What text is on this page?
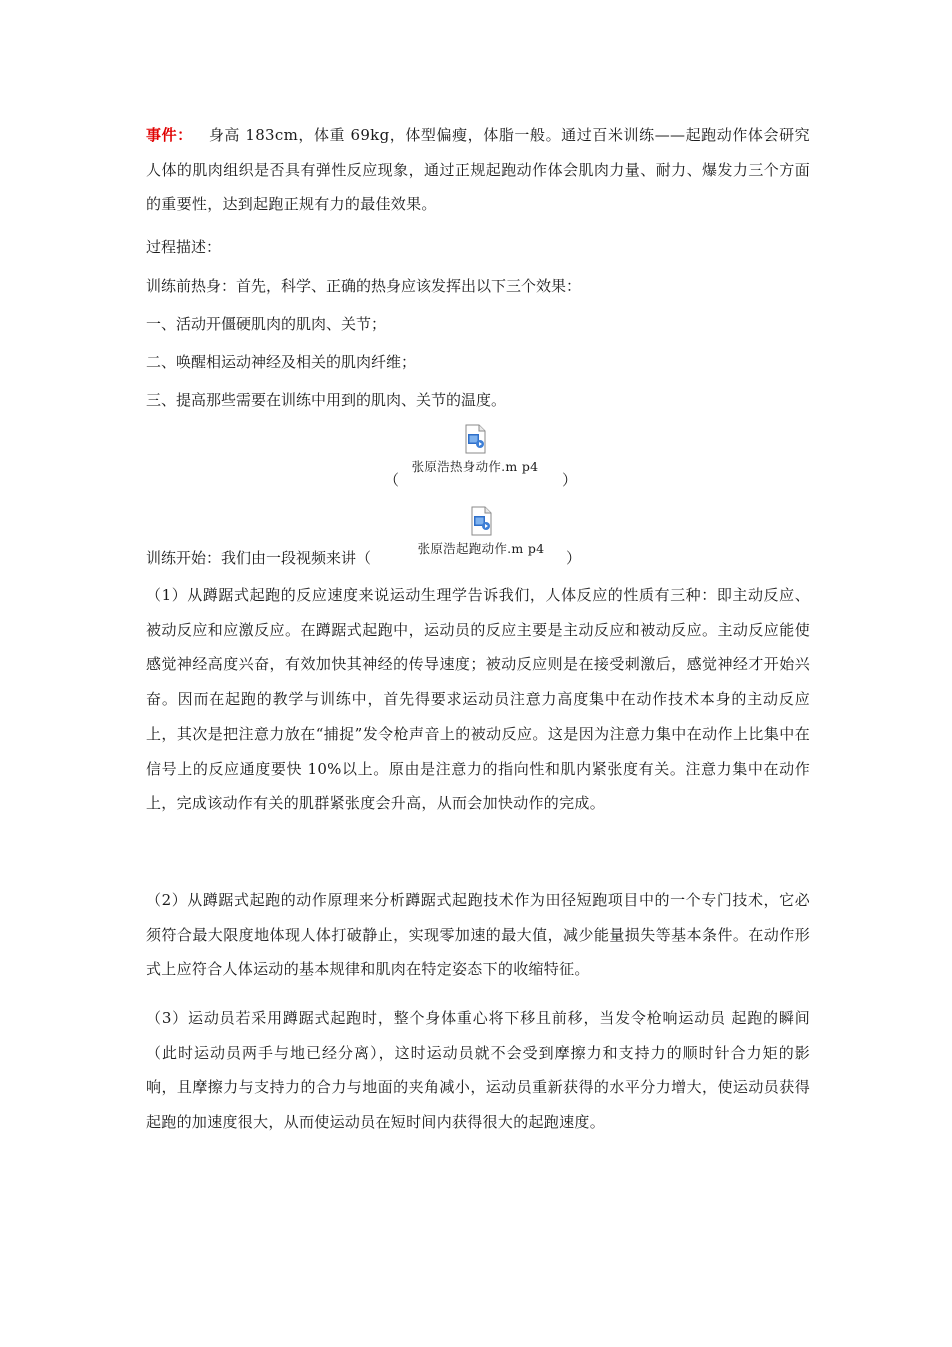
事件： 身高 183cm，体重 69kg，体型偏瘦，体脂一般。通过百米训练——起跑动作体会研究人体的肌肉组织是否具有弹性反应现象，通过正规起跑动作体会肌肉力量、耐力、爆发力三个方面的重要性，达到起跑正规有力的最佳效果。
过程描述：
训练前热身：首先，科学、正确的热身应该发挥出以下三个效果：
一、活动开僵硬肌肉的肌肉、关节；
二、唤醒相运动神经及相关的肌肉纤维；
三、提高那些需要在训练中用到的肌肉、关节的温度。
（
张原浩热身动作.m p4
）
训练开始：我们由一段视频来讲（
张原浩起跑动作.m p4
）
（1）从蹲踞式起跑的反应速度来说运动生理学告诉我们，人体反应的性质有三种：即主动反应、被动反应和应激反应。在蹲踞式起跑中，运动员的反应主要是主动反应和被动反应。主动反应能使感觉神经高度兴奋，有效加快其神经的传导速度；被动反应则是在接受刺激后，感觉神经才开始兴奋。因而在起跑的教学与训练中，首先得要求运动员注意力高度集中在动作技术本身的主动反应上，其次是把注意力放在“捕捉”发令枪声音上的被动反应。这是因为注意力集中在动作上比集中在信号上的反应通度要快 10%以上。原由是注意力的指向性和肌内紧张度有关。注意力集中在动作上，完成该动作有关的肌群紧张度会升高，从而会加快动作的完成。
（2）从蹲踞式起跑的动作原理来分析蹲踞式起跑技术作为田径短跑项目中的一个专门技术，它必须符合最大限度地体现人体打破静止，实现零加速的最大值，减少能量损失等基本条件。在动作形式上应符合人体运动的基本规律和肌肉在特定姿态下的收缩特征。
（3）运动员若采用蹲踞式起跑时，整个身体重心将下移且前移，当发令枪响运动员 起跑的瞬间（此时运动员两手与地已经分离），这时运动员就不会受到摩擦力和支持力的顺时针合力矩的影响，且摩擦力与支持力的合力与地面的夹角减小，运动员重新获得的水平分力增大，使运动员获得起跑的加速度很大，从而使运动员在短时间内获得很大的起跑速度。
